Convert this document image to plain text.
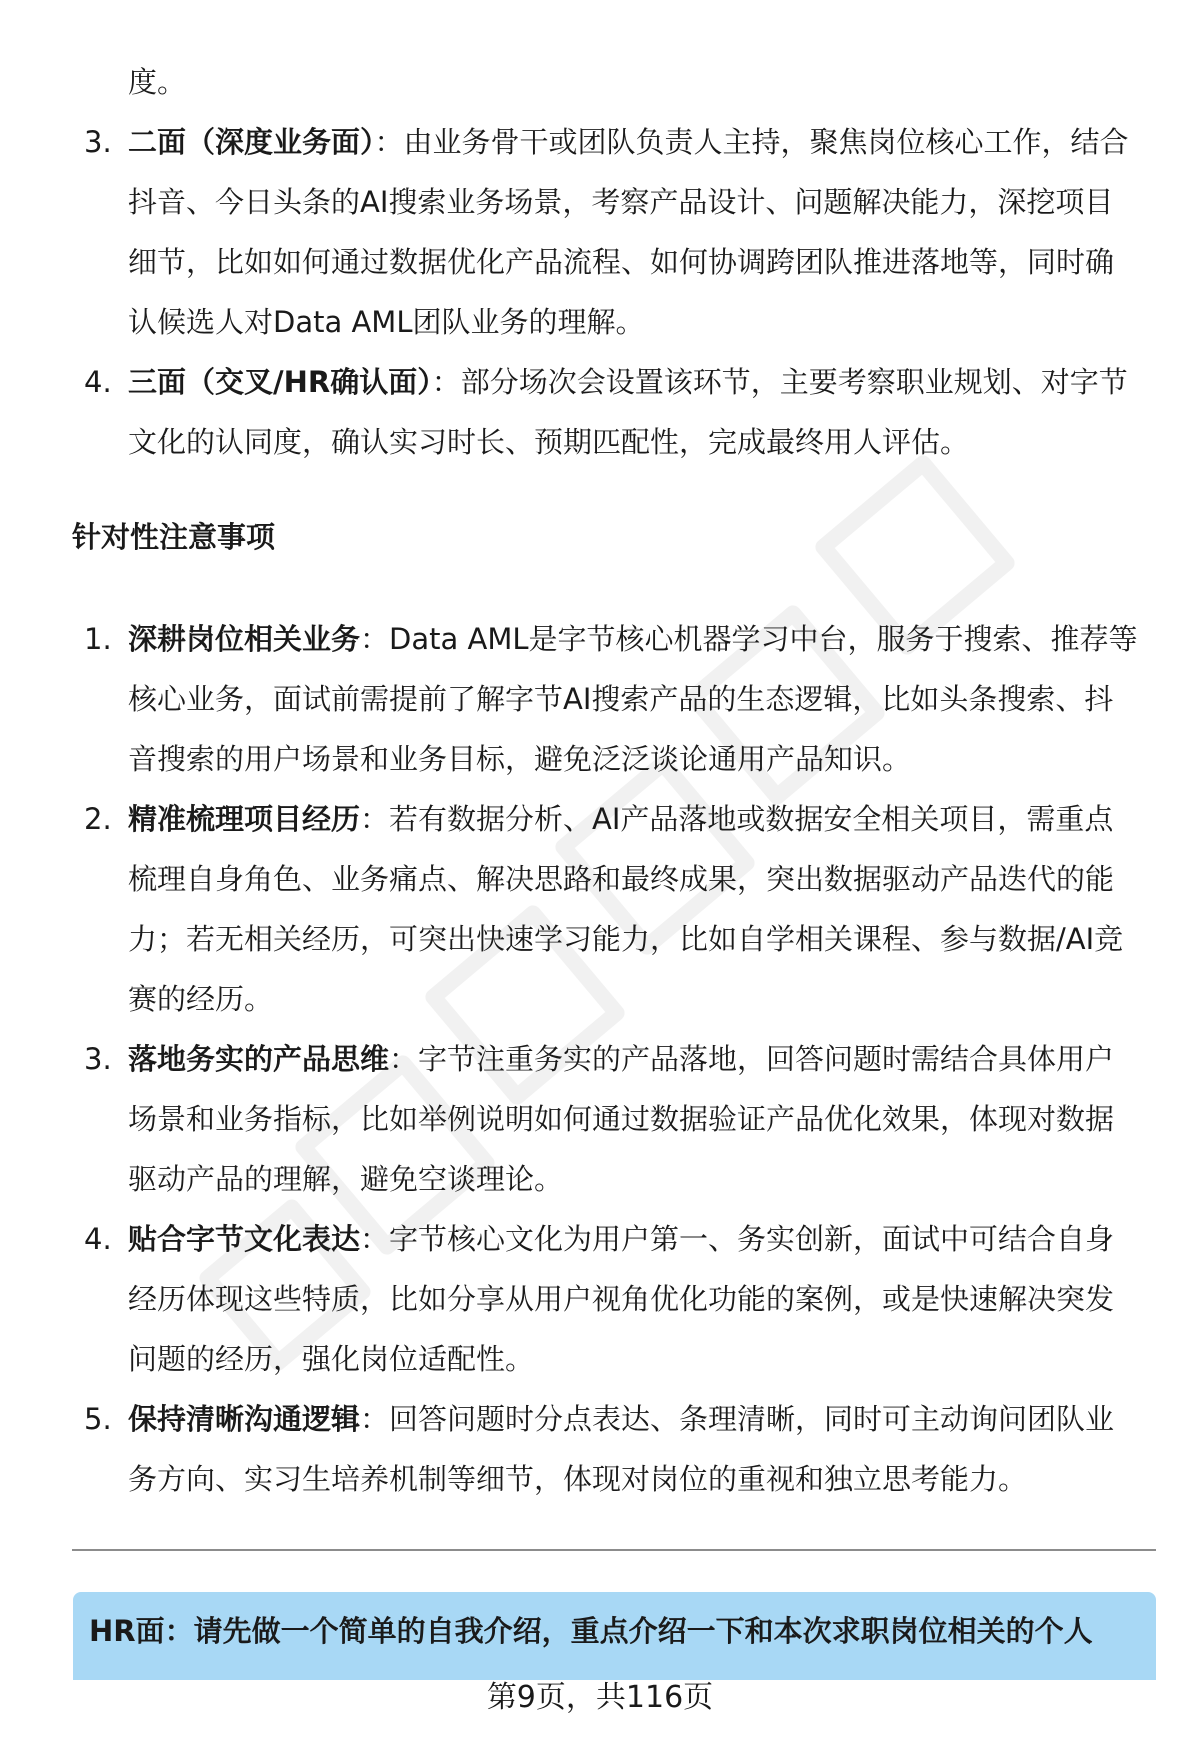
度。

3. 二面（深度业务面）：由业务骨干或团队负责人主持，聚焦岗位核心工作，结合抖音、今日头条的AI搜索业务场景，考察产品设计、问题解决能力，深挖项目细节，比如如何通过数据优化产品流程、如何协调跨团队推进落地等，同时确认候选人对Data AML团队业务的理解。
4. 三面（交叉/HR确认面）：部分场次会设置该环节，主要考察职业规划、对字节文化的认同度，确认实习时长、预期匹配性，完成最终用人评估。
针对性注意事项
1. 深耕岗位相关业务：Data AML是字节核心机器学习中台，服务于搜索、推荐等核心业务，面试前需提前了解字节AI搜索产品的生态逻辑，比如头条搜索、抖音搜索的用户场景和业务目标，避免泛泛谈论通用产品知识。
2. 精准梳理项目经历：若有数据分析、AI产品落地或数据安全相关项目，需重点梳理自身角色、业务痛点、解决思路和最终成果，突出数据驱动产品迭代的能力；若无相关经历，可突出快速学习能力，比如自学相关课程、参与数据/AI竞赛的经历。
3. 落地务实的产品思维：字节注重务实的产品落地，回答问题时需结合具体用户场景和业务指标，比如举例说明如何通过数据验证产品优化效果，体现对数据驱动产品的理解，避免空谈理论。
4. 贴合字节文化表达：字节核心文化为用户第一、务实创新，面试中可结合自身经历体现这些特质，比如分享从用户视角优化功能的案例，或是快速解决突发问题的经历，强化岗位适配性。
5. 保持清晰沟通逻辑：回答问题时分点表达、条理清晰，同时可主动询问团队业务方向、实习生培养机制等细节，体现对岗位的重视和独立思考能力。
HR面：请先做一个简单的自我介绍，重点介绍一下和本次求职岗位相关的个人
第9页，共116页
